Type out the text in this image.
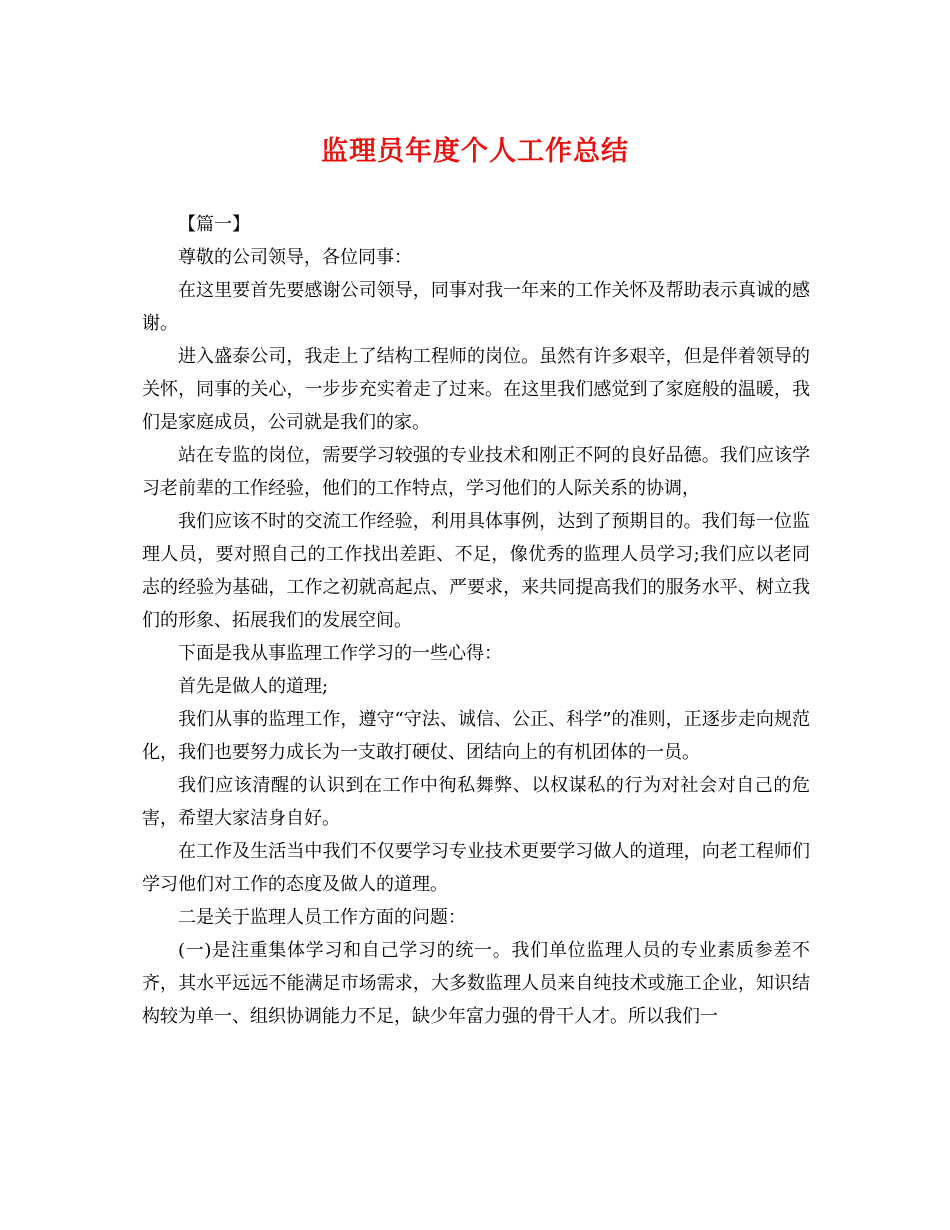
监理员年度个人工作总结

【篇一】

尊敬的公司领导，各位同事：

在这里要首先要感谢公司领导，同事对我一年来的工作关怀及帮助表示真诚的感谢。

进入盛泰公司，我走上了结构工程师的岗位。虽然有许多艰辛，但是伴着领导的关怀，同事的关心，一步步充实着走了过来。在这里我们感觉到了家庭般的温暖，我们是家庭成员，公司就是我们的家。

站在专监的岗位，需要学习较强的专业技术和刚正不阿的良好品德。我们应该学习老前辈的工作经验，他们的工作特点，学习他们的人际关系的协调，

我们应该不时的交流工作经验，利用具体事例，达到了预期目的。我们每一位监理人员，要对照自己的工作找出差距、不足，像优秀的监理人员学习;我们应以老同志的经验为基础，工作之初就高起点、严要求，来共同提高我们的服务水平、树立我们的形象、拓展我们的发展空间。

下面是我从事监理工作学习的一些心得：

首先是做人的道理;

我们从事的监理工作，遵守“守法、诚信、公正、科学”的准则，正逐步走向规范化，我们也要努力成长为一支敢打硬仗、团结向上的有机团体的一员。

我们应该清醒的认识到在工作中徇私舞弊、以权谋私的行为对社会对自己的危害，希望大家洁身自好。

在工作及生活当中我们不仅要学习专业技术更要学习做人的道理，向老工程师们学习他们对工作的态度及做人的道理。

二是关于监理人员工作方面的问题：

(一)是注重集体学习和自己学习的统一。我们单位监理人员的专业素质参差不齐，其水平远远不能满足市场需求，大多数监理人员来自纯技术或施工企业，知识结构较为单一、组织协调能力不足，缺少年富力强的骨干人才。所以我们一
